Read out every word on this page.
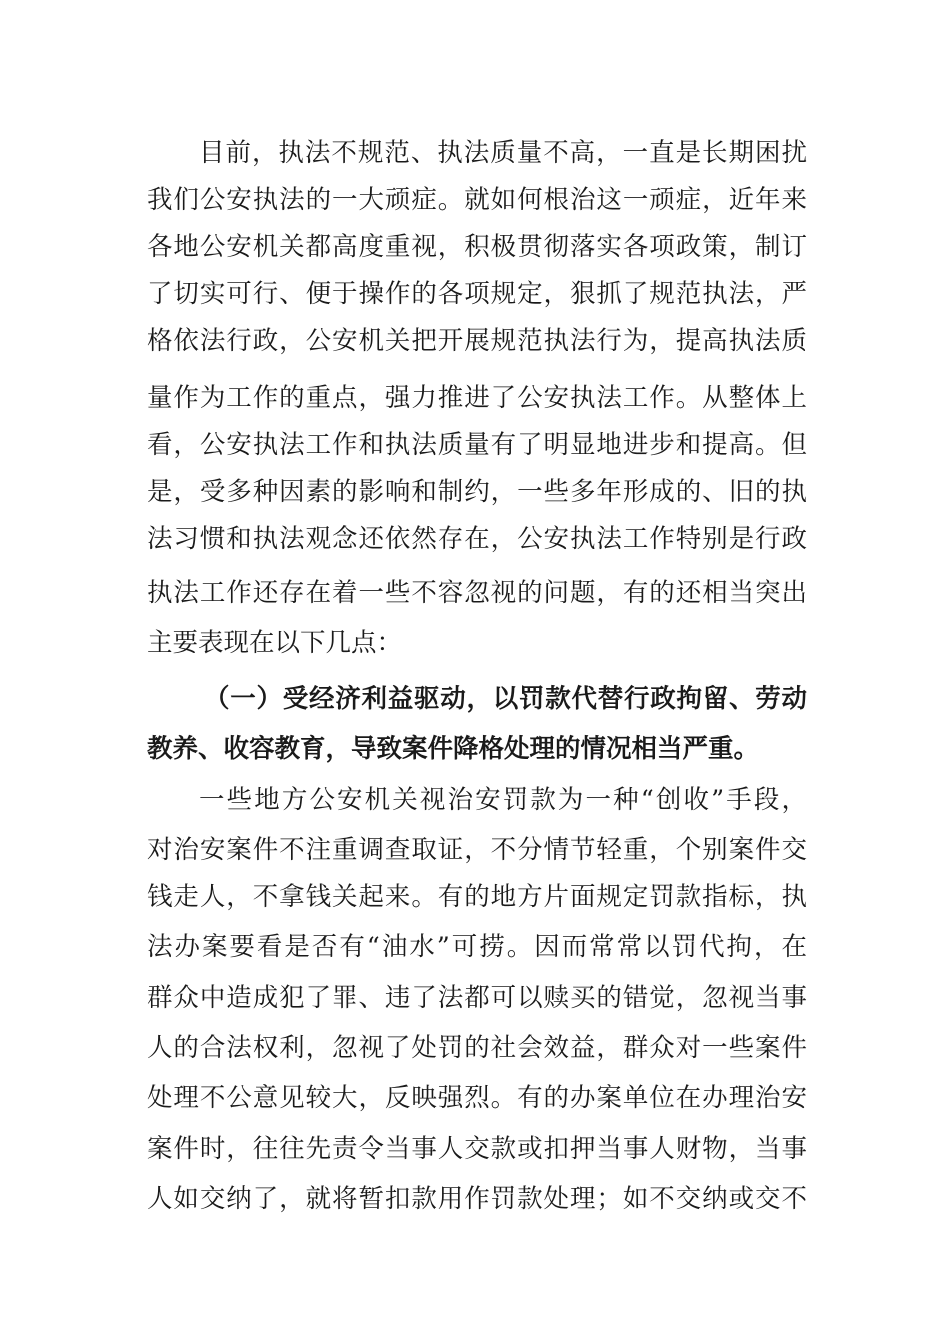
目前，执法不规范、执法质量不高，一直是长期困扰
我们公安执法的一大顽症。就如何根治这一顽症，近年来
各地公安机关都高度重视，积极贯彻落实各项政策，制订
了切实可行、便于操作的各项规定，狠抓了规范执法，严
格依法行政，公安机关把开展规范执法行为，提高执法质
量作为工作的重点，强力推进了公安执法工作。从整体上
看，公安执法工作和执法质量有了明显地进步和提高。但
是，受多种因素的影响和制约，一些多年形成的、旧的执
法习惯和执法观念还依然存在，公安执法工作特别是行政
执法工作还存在着一些不容忽视的问题，有的还相当突出
主要表现在以下几点：
（一）受经济利益驱动，以罚款代替行政拘留、劳动
教养、收容教育，导致案件降格处理的情况相当严重。
一些地方公安机关视治安罚款为一种“创收”手段，
对治安案件不注重调查取证，不分情节轻重，个别案件交
钱走人，不拿钱关起来。有的地方片面规定罚款指标，执
法办案要看是否有“油水”可捞。因而常常以罚代拘，在
群众中造成犯了罪、违了法都可以赎买的错觉，忽视当事
人的合法权利，忽视了处罚的社会效益，群众对一些案件
处理不公意见较大，反映强烈。有的办案单位在办理治安
案件时，往往先责令当事人交款或扣押当事人财物，当事
人如交纳了，就将暂扣款用作罚款处理；如不交纳或交不
